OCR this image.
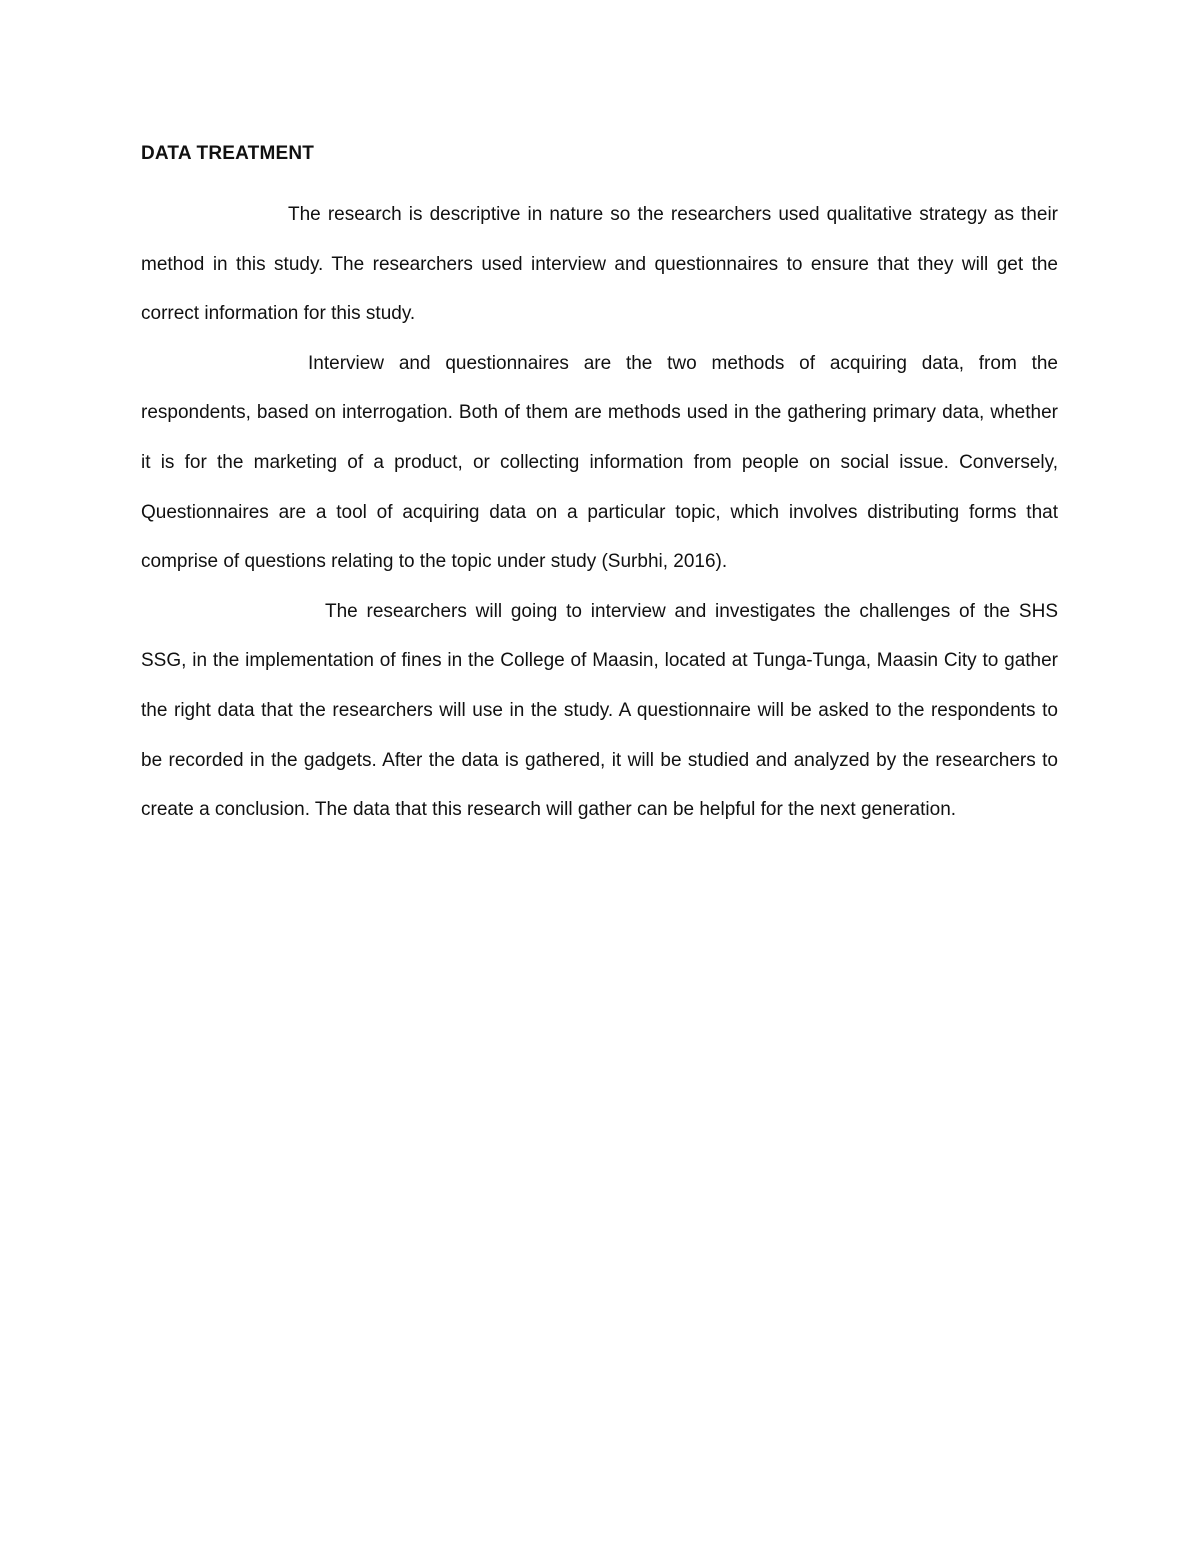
DATA TREATMENT

The research is descriptive in nature so the researchers used qualitative strategy as their method in this study. The researchers used interview and questionnaires to ensure that they will get the correct information for this study.

Interview and questionnaires are the two methods of acquiring data, from the respondents, based on interrogation. Both of them are methods used in the gathering primary data, whether it is for the marketing of a product, or collecting information from people on social issue. Conversely, Questionnaires are a tool of acquiring data on a particular topic, which involves distributing forms that comprise of questions relating to the topic under study (Surbhi, 2016).

The researchers will going to interview and investigates the challenges of the SHS SSG, in the implementation of fines in the College of Maasin, located at Tunga-Tunga, Maasin City to gather the right data that the researchers will use in the study. A questionnaire will be asked to the respondents to be recorded in the gadgets. After the data is gathered, it will be studied and analyzed by the researchers to create a conclusion. The data that this research will gather can be helpful for the next generation.
